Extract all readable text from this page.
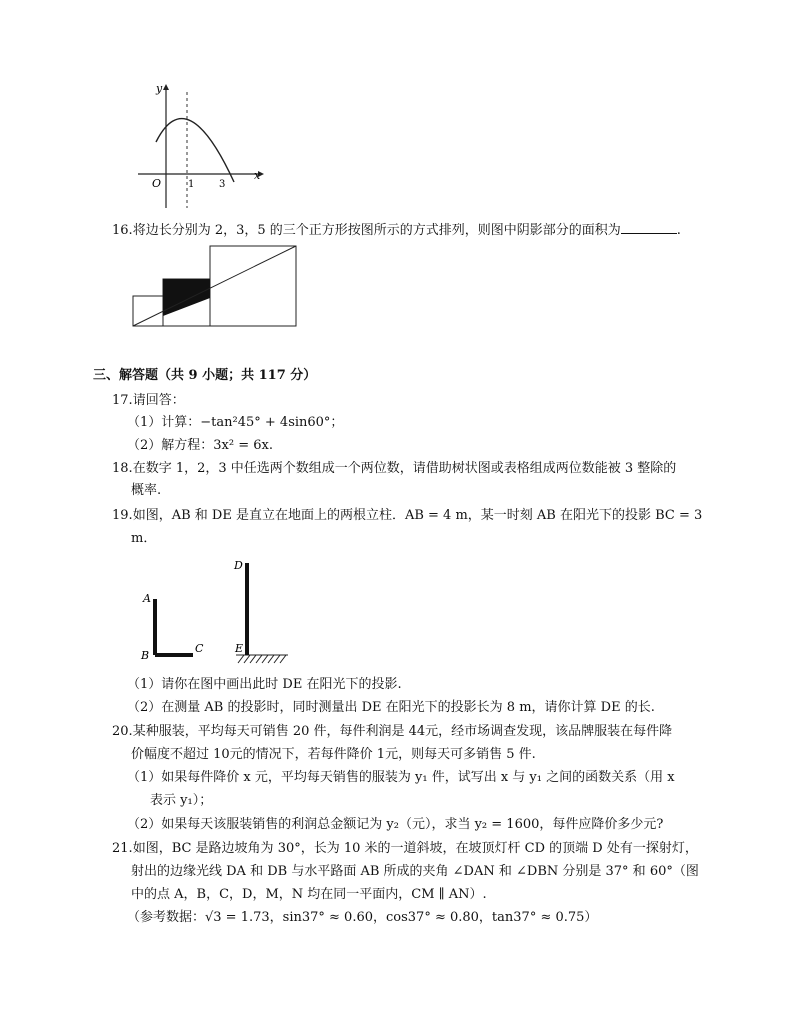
y
x
O	1 3
16.将边长分别为 2，3，5 的三个正方形按图所示的方式排列，则图中阴影部分的面积为	.
三、解答题（共 9 小题；共 117 分）
17.请回答：
（1）计算：−tan²45° + 4sin60°；
（2）解方程：3x² = 6x.
18.在数字 1，2，3 中任选两个数组成一个两位数，请借助树状图或表格组成两位数能被 3 整除的
概率.
19.如图，AB 和 DE 是直立在地面上的两根立柱．AB = 4 m，某一时刻 AB 在阳光下的投影 BC = 3
m．
A
B
C
D
E
（1）请你在图中画出此时 DE 在阳光下的投影.
（2）在测量 AB 的投影时，同时测量出 DE 在阳光下的投影长为 8 m，请你计算 DE 的长.
20.某种服装，平均每天可销售 20 件，每件利润是 44元，经市场调查发现，该品牌服装在每件降
价幅度不超过 10元的情况下，若每件降价 1元，则每天可多销售 5 件.
（1）如果每件降价 x 元，平均每天销售的服装为 y₁ 件，试写出 x 与 y₁ 之间的函数关系（用 x
表示 y₁）；
（2）如果每天该服装销售的利润总金额记为 y₂（元），求当 y₂ = 1600，每件应降价多少元?
21.如图，BC 是路边坡角为 30°，长为 10 米的一道斜坡，在坡顶灯杆 CD 的顶端 D 处有一探射灯，
射出的边缘光线 DA 和 DB 与水平路面 AB 所成的夹角 ∠DAN 和 ∠DBN 分别是 37° 和 60°（图
中的点 A，B，C，D，M，N 均在同一平面内，CM ∥ AN）.
（参考数据：√3 = 1.73，sin37° ≈ 0.60，cos37° ≈ 0.80，tan37° ≈ 0.75）
